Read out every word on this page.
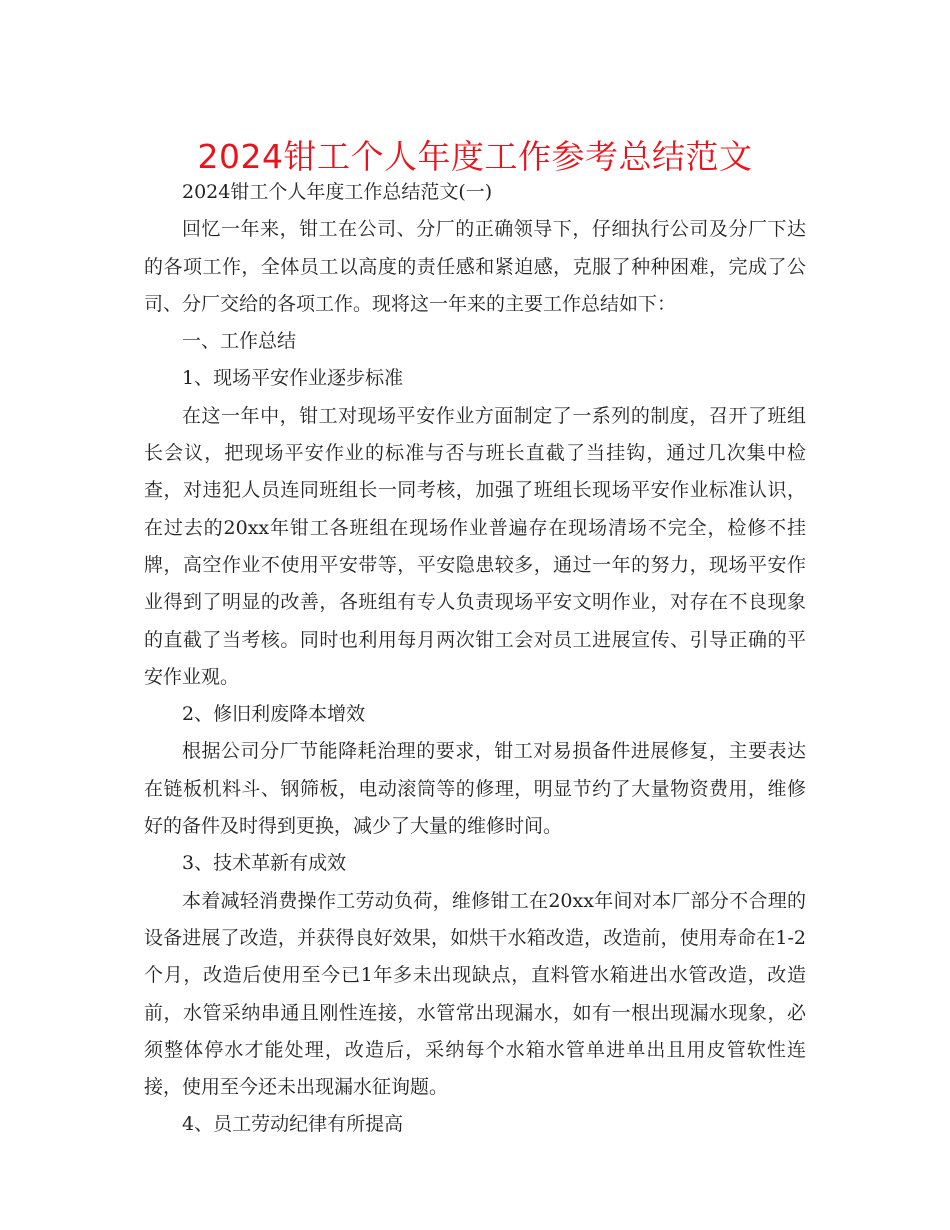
2024钳工个人年度工作参考总结范文

2024钳工个人年度工作总结范文(一)

回忆一年来，钳工在公司、分厂的正确领导下，仔细执行公司及分厂下达的各项工作，全体员工以高度的责任感和紧迫感，克服了种种困难，完成了公司、分厂交给的各项工作。现将这一年来的主要工作总结如下：

一、工作总结

1、现场平安作业逐步标准

在这一年中，钳工对现场平安作业方面制定了一系列的制度，召开了班组长会议，把现场平安作业的标准与否与班长直截了当挂钩，通过几次集中检查，对违犯人员连同班组长一同考核，加强了班组长现场平安作业标准认识，在过去的20xx年钳工各班组在现场作业普遍存在现场清场不完全，检修不挂牌，高空作业不使用平安带等，平安隐患较多，通过一年的努力，现场平安作业得到了明显的改善，各班组有专人负责现场平安文明作业，对存在不良现象的直截了当考核。同时也利用每月两次钳工会对员工进展宣传、引导正确的平安作业观。

2、修旧利废降本增效

根据公司分厂节能降耗治理的要求，钳工对易损备件进展修复，主要表达在链板机料斗、钢筛板，电动滚筒等的修理，明显节约了大量物资费用，维修好的备件及时得到更换，减少了大量的维修时间。

3、技术革新有成效

本着减轻消费操作工劳动负荷，维修钳工在20xx年间对本厂部分不合理的设备进展了改造，并获得良好效果，如烘干水箱改造，改造前，使用寿命在1-2个月，改造后使用至今已1年多未出现缺点，直料管水箱进出水管改造，改造前，水管采纳串通且刚性连接，水管常出现漏水，如有一根出现漏水现象，必须整体停水才能处理，改造后，采纳每个水箱水管单进单出且用皮管软性连接，使用至今还未出现漏水征询题。

4、员工劳动纪律有所提高
